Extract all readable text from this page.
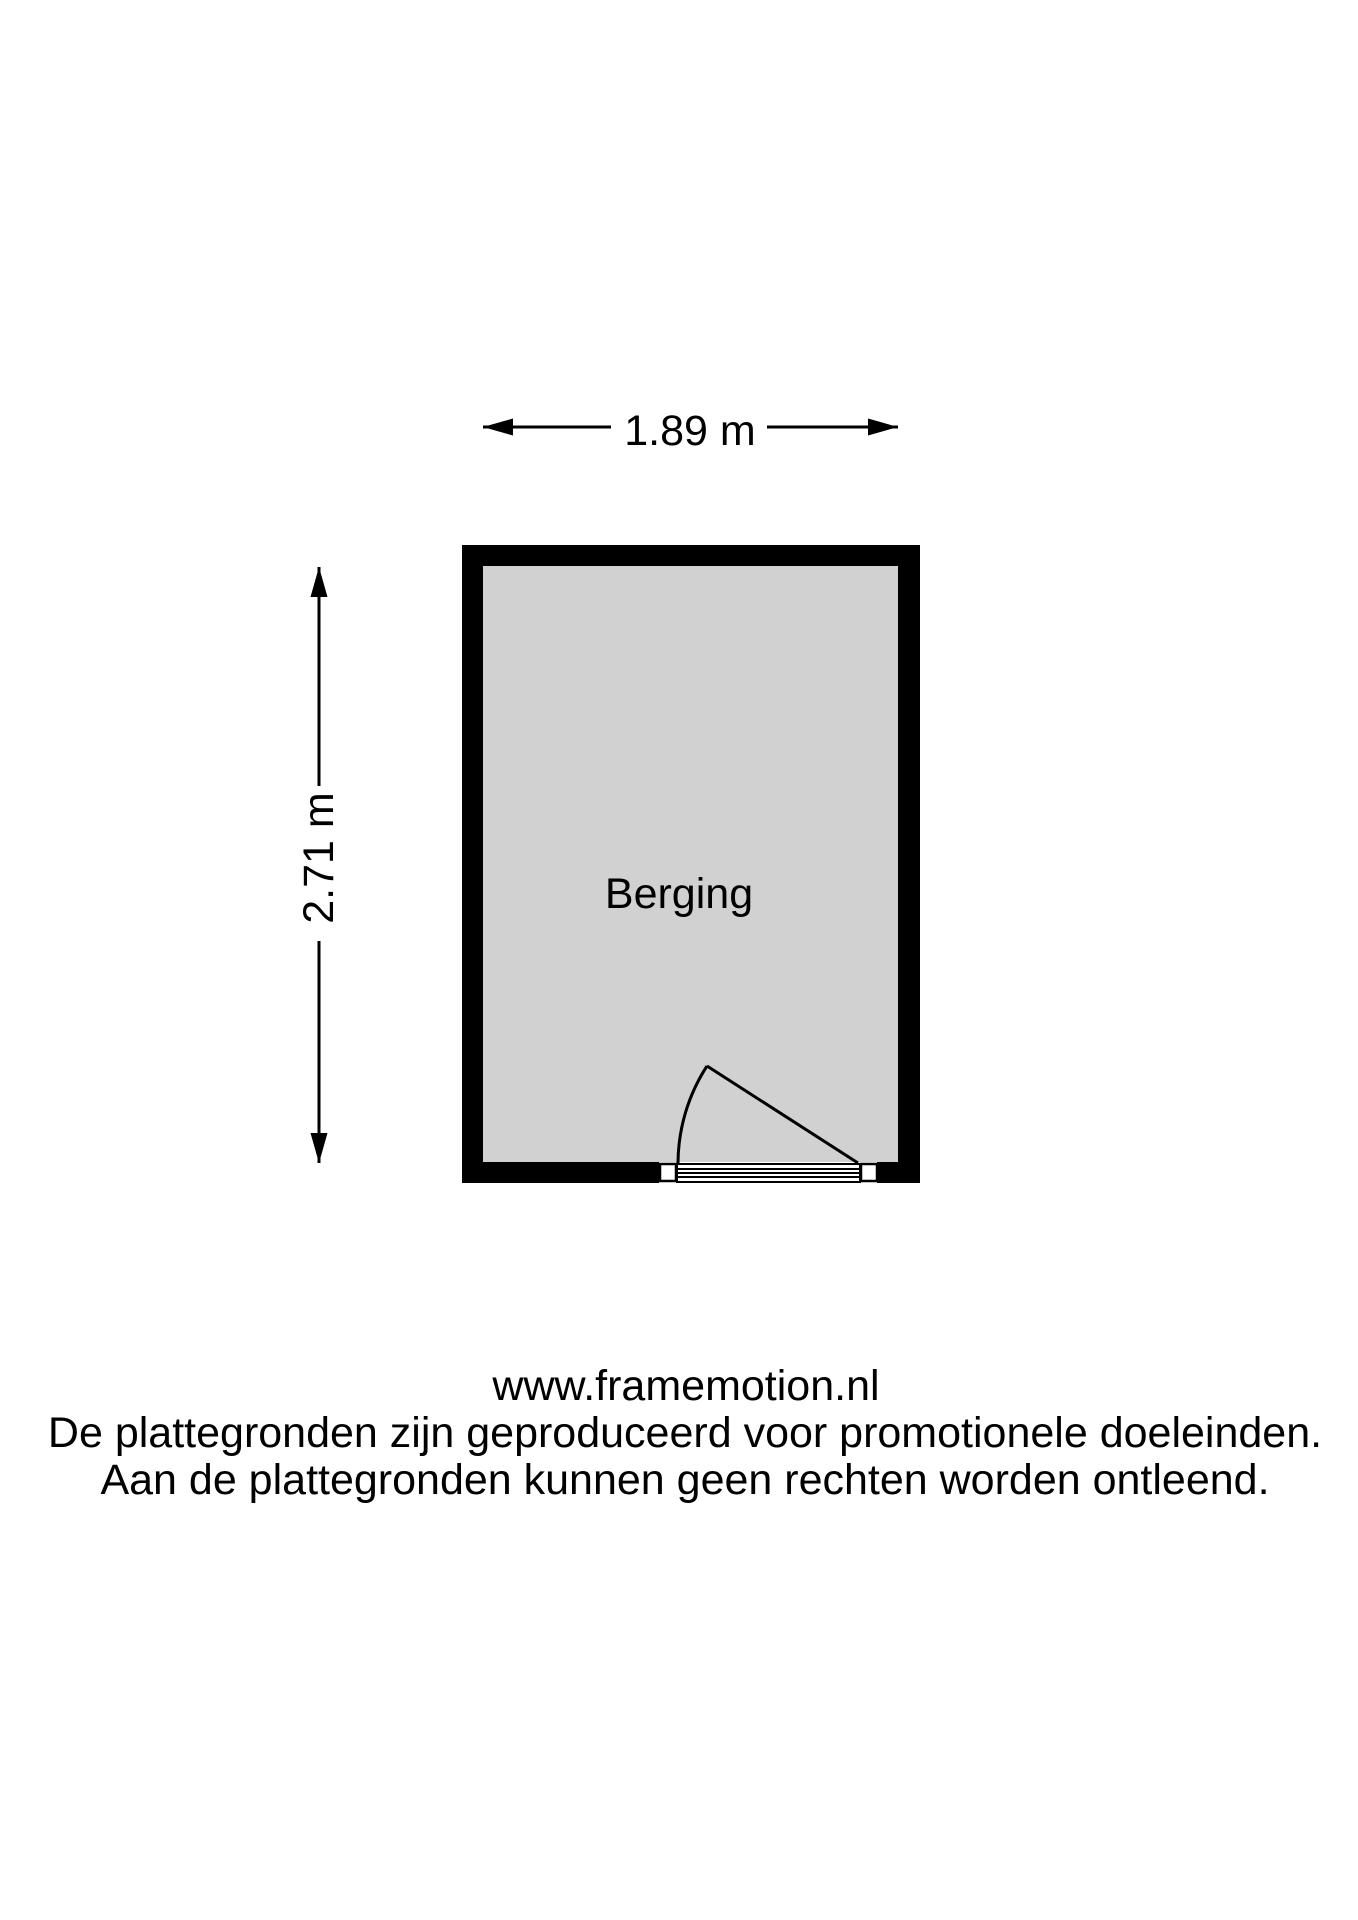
Berging
1.89 m
2.71 m
www.framemotion.nl
De plattegronden zijn geproduceerd voor promotionele doeleinden.
Aan de plattegronden kunnen geen rechten worden ontleend.
